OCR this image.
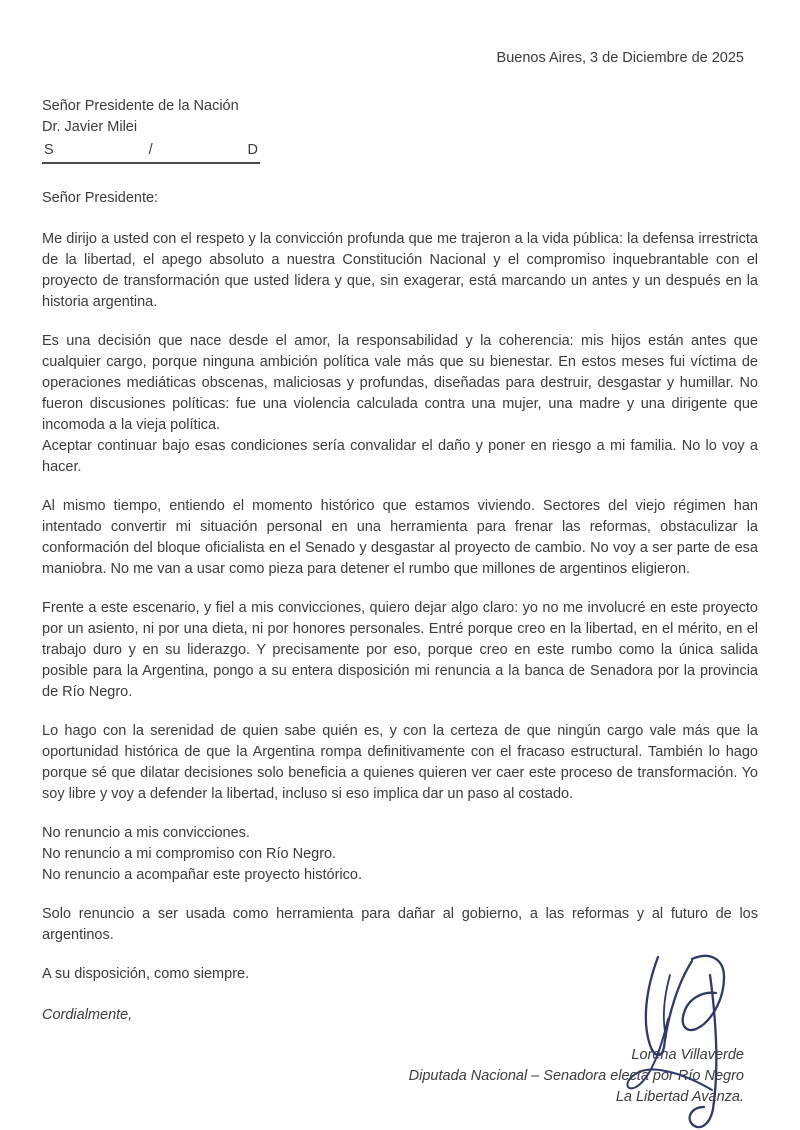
Buenos Aires, 3 de Diciembre de 2025
Señor Presidente de la Nación
Dr. Javier Milei
S	/	D
Señor Presidente:

Me dirijo a usted con el respeto y la convicción profunda que me trajeron a la vida pública: la defensa irrestricta de la libertad, el apego absoluto a nuestra Constitución Nacional y el compromiso inquebrantable con el proyecto de transformación que usted lidera y que, sin exagerar, está marcando un antes y un después en la historia argentina.

Es una decisión que nace desde el amor, la responsabilidad y la coherencia: mis hijos están antes que cualquier cargo, porque ninguna ambición política vale más que su bienestar. En estos meses fui víctima de operaciones mediáticas obscenas, maliciosas y profundas, diseñadas para destruir, desgastar y humillar. No fueron discusiones políticas: fue una violencia calculada contra una mujer, una madre y una dirigente que incomoda a la vieja política.

Aceptar continuar bajo esas condiciones sería convalidar el daño y poner en riesgo a mi familia. No lo voy a hacer.

Al mismo tiempo, entiendo el momento histórico que estamos viviendo. Sectores del viejo régimen han intentado convertir mi situación personal en una herramienta para frenar las reformas, obstaculizar la conformación del bloque oficialista en el Senado y desgastar al proyecto de cambio. No voy a ser parte de esa maniobra. No me van a usar como pieza para detener el rumbo que millones de argentinos eligieron.

Frente a este escenario, y fiel a mis convicciones, quiero dejar algo claro: yo no me involucré en este proyecto por un asiento, ni por una dieta, ni por honores personales. Entré porque creo en la libertad, en el mérito, en el trabajo duro y en su liderazgo. Y precisamente por eso, porque creo en este rumbo como la única salida posible para la Argentina, pongo a su entera disposición mi renuncia a la banca de Senadora por la provincia de Río Negro.

Lo hago con la serenidad de quien sabe quién es, y con la certeza de que ningún cargo vale más que la oportunidad histórica de que la Argentina rompa definitivamente con el fracaso estructural. También lo hago porque sé que dilatar decisiones solo beneficia a quienes quieren ver caer este proceso de transformación. Yo soy libre y voy a defender la libertad, incluso si eso implica dar un paso al costado.

No renuncio a mis convicciones.

No renuncio a mi compromiso con Río Negro.

No renuncio a acompañar este proyecto histórico.

Solo renuncio a ser usada como herramienta para dañar al gobierno, a las reformas y al futuro de los argentinos.

A su disposición, como siempre.
Cordialmente,
Lorena Villaverde
Diputada Nacional – Senadora electa por Río Negro
La Libertad Avanza.
